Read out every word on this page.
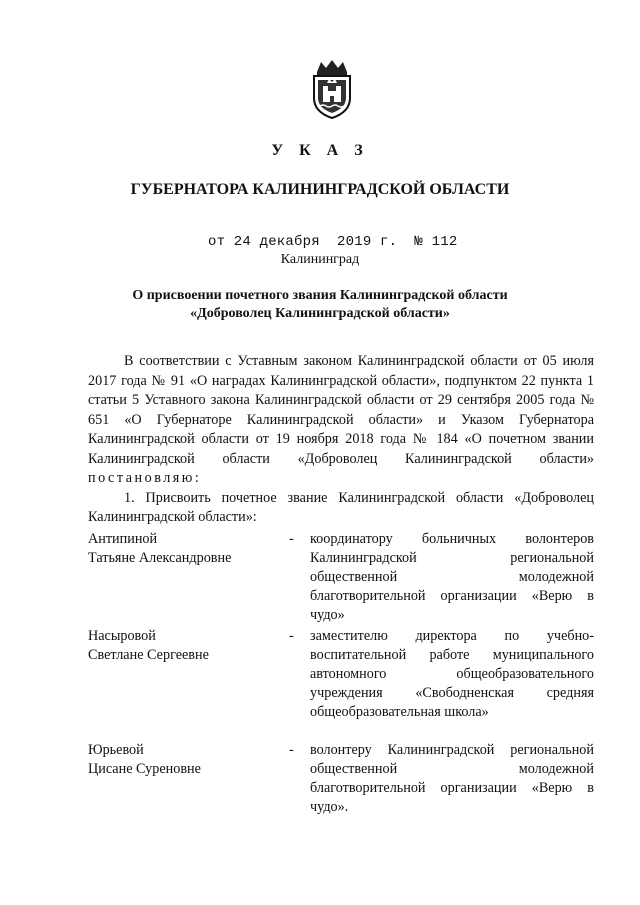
У К А З
ГУБЕРНАТОРА КАЛИНИНГРАДСКОЙ ОБЛАСТИ
от 24 декабря  2019 г.  № 112
Калининград
О присвоении почетного звания Калининградской области
«Доброволец Калининградской области»

В соответствии с Уставным законом Калининградской области от 05 июля 2017 года № 91 «О наградах Калининградской области», подпунктом 22 пункта 1 статьи 5 Уставного закона Калининградской области от 29 сентября 2005 года № 651 «О Губернаторе Калининградской области» и Указом Губернатора Калининградской области от 19 ноября 2018 года № 184 «О почетном звании Калининградской области «Доброволец Калининградской области» постановляю:

1. Присвоить почетное звание Калининградской области «Доброволец Калининградской области»:

Антипиной
Татьяне Александровне
-	координатору больничных волонтеров Калининградской региональной общественной молодежной благотворительной организации «Верю в чудо»
Насыровой
Светлане Сергеевне
-	заместителю директора по учебно-воспитательной работе муниципального автономного общеобразовательного учреждения «Свободненская средняя общеобразовательная школа»
Юрьевой
Цисане Суреновне
-	волонтеру Калининградской региональной общественной молодежной благотворительной организации «Верю в чудо».
